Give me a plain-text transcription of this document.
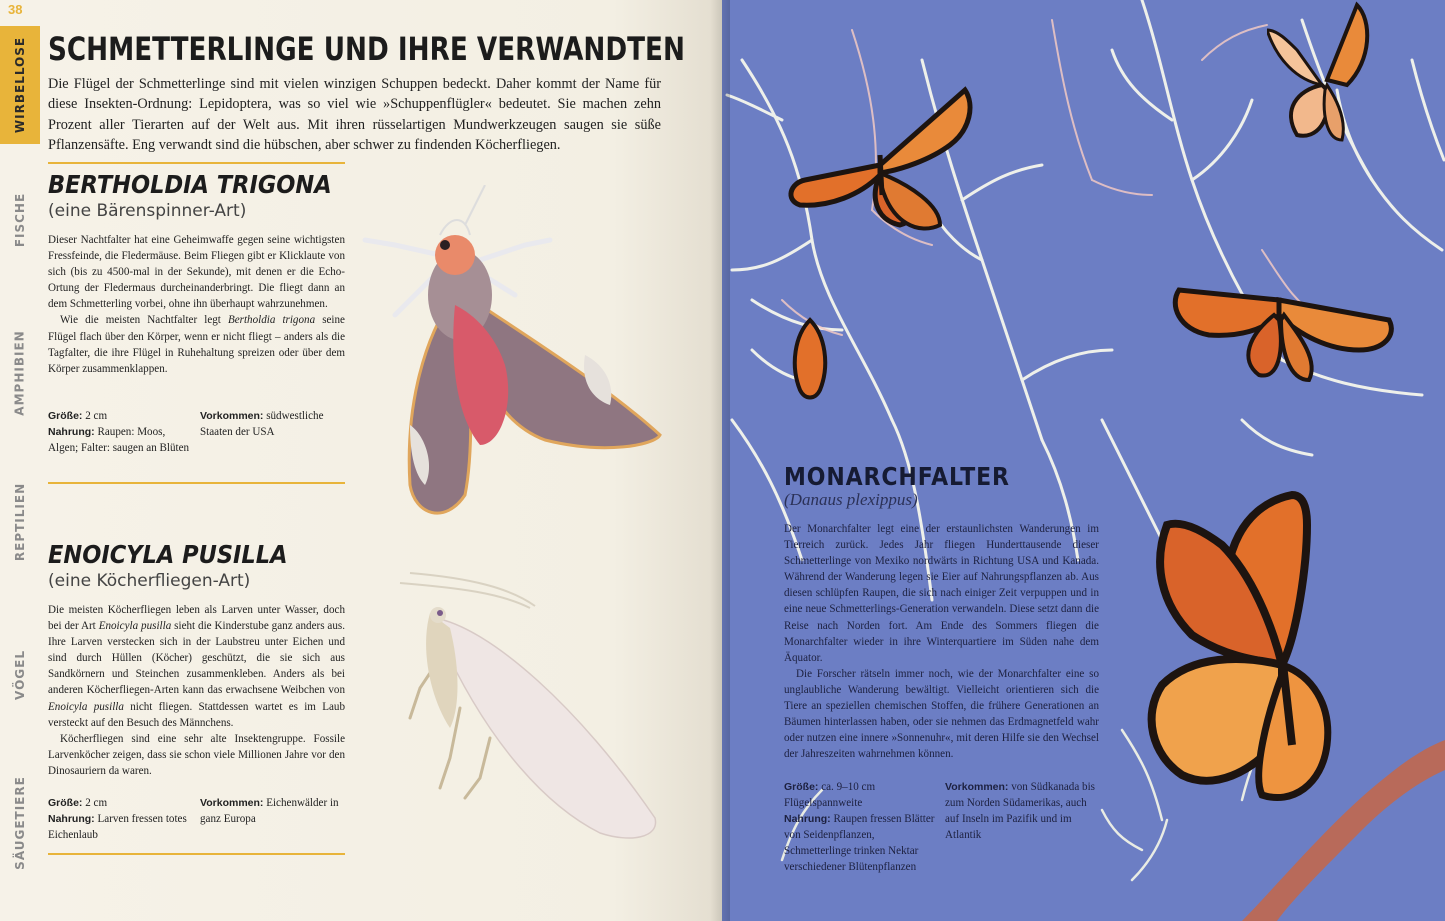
38
WIRBELLOSE
FISCHE
AMPHIBIEN
REPTILIEN
VÖGEL
SÄUGETIERE
SCHMETTERLINGE UND IHRE VERWANDTEN

Die Flügel der Schmetterlinge sind mit vielen winzigen Schuppen bedeckt. Daher kommt der Name für diese Insekten-Ordnung: Lepidoptera, was so viel wie »Schuppenflügler« bedeutet. Sie machen zehn Prozent aller Tierarten auf der Welt aus. Mit ihren rüsselartigen Mundwerkzeugen saugen sie süße Pflanzensäfte. Eng verwandt sind die hübschen, aber schwer zu findenden Köcherfliegen.

BERTHOLDIA TRIGONA
(eine Bärenspinner-Art)

Dieser Nachtfalter hat eine Geheimwaffe gegen seine wichtigsten Fressfeinde, die Fledermäuse. Beim Fliegen gibt er Klicklaute von sich (bis zu 4500-mal in der Sekunde), mit denen er die Echo-Ortung der Fledermaus durcheinanderbringt. Die fliegt dann an dem Schmetterling vorbei, ohne ihn überhaupt wahrzunehmen.

Wie die meisten Nachtfalter legt Bertholdia trigona seine Flügel flach über den Körper, wenn er nicht fliegt – anders als die Tagfalter, die ihre Flügel in Ruhehaltung spreizen oder über dem Körper zusammenklappen.

Größe: 2 cm
Nahrung: Raupen: Moos, Algen; Falter: saugen an Blüten
Vorkommen: südwestliche Staaten der USA
ENOICYLA PUSILLA
(eine Köcherfliegen-Art)

Die meisten Köcherfliegen leben als Larven unter Wasser, doch bei der Art Enoicyla pusilla sieht die Kinderstube ganz anders aus. Ihre Larven verstecken sich in der Laubstreu unter Eichen und sind durch Hüllen (Köcher) geschützt, die sie sich aus Sandkörnern und Steinchen zusammenkleben. Anders als bei anderen Köcherfliegen-Arten kann das erwachsene Weibchen von Enoicyla pusilla nicht fliegen. Stattdessen wartet es im Laub versteckt auf den Besuch des Männchens.

Köcherfliegen sind eine sehr alte Insektengruppe. Fossile Larvenköcher zeigen, dass sie schon viele Millionen Jahre vor den Dinosauriern da waren.

Größe: 2 cm
Nahrung: Larven fressen totes Eichenlaub
Vorkommen: Eichenwälder in ganz Europa
MONARCHFALTER
(Danaus plexippus)

Der Monarchfalter legt eine der erstaunlichsten Wanderungen im Tierreich zurück. Jedes Jahr fliegen Hunderttausende dieser Schmetterlinge von Mexiko nordwärts in Richtung USA und Kanada. Während der Wanderung legen sie Eier auf Nahrungspflanzen ab. Aus diesen schlüpfen Raupen, die sich nach einiger Zeit verpuppen und in eine neue Schmetterlings-Generation verwandeln. Diese setzt dann die Reise nach Norden fort. Am Ende des Sommers fliegen die Monarchfalter wieder in ihre Winterquartiere im Süden nahe dem Äquator.

Die Forscher rätseln immer noch, wie der Monarchfalter eine so unglaubliche Wanderung bewältigt. Vielleicht orientieren sich die Tiere an speziellen chemischen Stoffen, die frühere Generationen an Bäumen hinterlassen haben, oder sie nehmen das Erdmagnetfeld wahr oder nutzen eine innere »Sonnenuhr«, mit deren Hilfe sie den Wechsel der Jahreszeiten wahrnehmen können.

Größe: ca. 9–10 cm Flügelspannweite
Nahrung: Raupen fressen Blätter von Seidenpflanzen, Schmetterlinge trinken Nektar verschiedener Blütenpflanzen
Vorkommen: von Südkanada bis zum Norden Südamerikas, auch auf Inseln im Pazifik und im Atlantik
